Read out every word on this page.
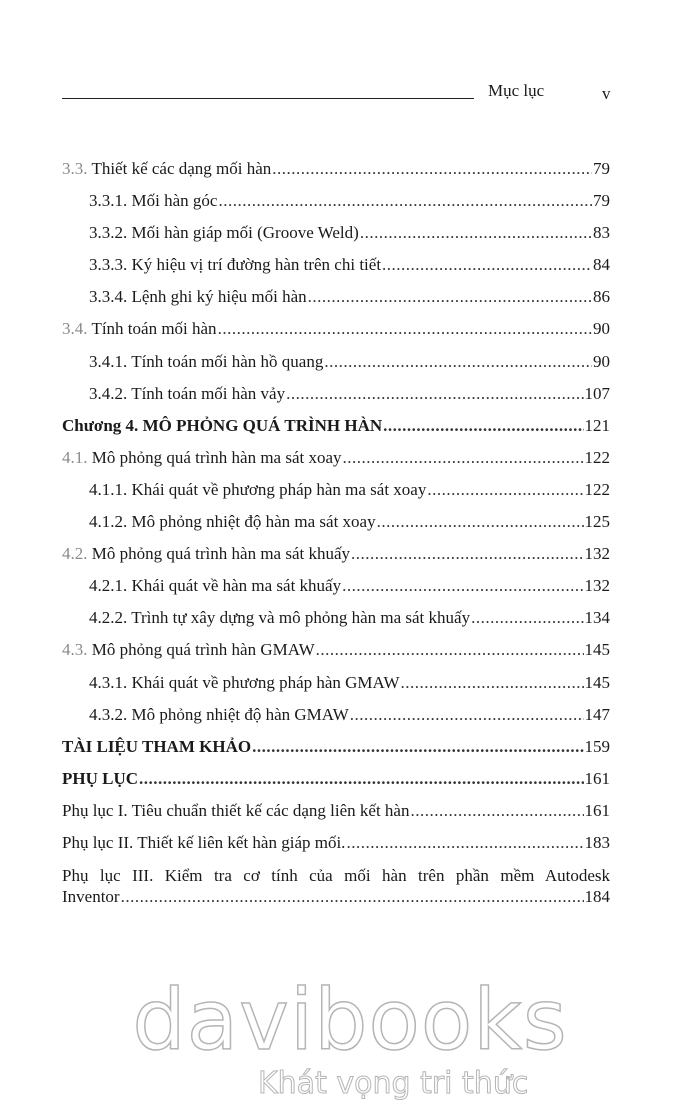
Mục lục	v
3.3. Thiết kế các dạng mối hàn .....	79
3.3.1. Mối hàn góc .....	79
3.3.2. Mối hàn giáp mối (Groove Weld) .....	83
3.3.3. Ký hiệu vị trí đường hàn trên chi tiết .....	84
3.3.4. Lệnh ghi ký hiệu mối hàn .....	86
3.4. Tính toán mối hàn .....	90
3.4.1. Tính toán mối hàn hồ quang .....	90
3.4.2. Tính toán mối hàn vảy .....	107
Chương 4. MÔ PHỎNG QUÁ TRÌNH HÀN .....	121
4.1. Mô phỏng quá trình hàn ma sát xoay .....	122
4.1.1. Khái quát về phương pháp hàn ma sát xoay .....	122
4.1.2. Mô phỏng nhiệt độ hàn ma sát xoay .....	125
4.2. Mô phỏng quá trình hàn ma sát khuấy .....	132
4.2.1. Khái quát về hàn ma sát khuấy .....	132
4.2.2. Trình tự xây dựng và mô phỏng hàn ma sát khuấy .....	134
4.3. Mô phỏng quá trình hàn GMAW .....	145
4.3.1. Khái quát về phương pháp hàn GMAW .....	145
4.3.2. Mô phỏng nhiệt độ hàn GMAW .....	147
TÀI LIỆU THAM KHẢO .....	159
PHỤ LỤC .....	161
Phụ lục I. Tiêu chuẩn thiết kế các dạng liên kết hàn .....	161
Phụ lục II. Thiết kế liên kết hàn giáp mối. .....	183
Phụ lục III. Kiểm tra cơ tính của mối hàn trên phần mềm Autodesk
Inventor .....	184
davibooks
Khát vọng tri thức
